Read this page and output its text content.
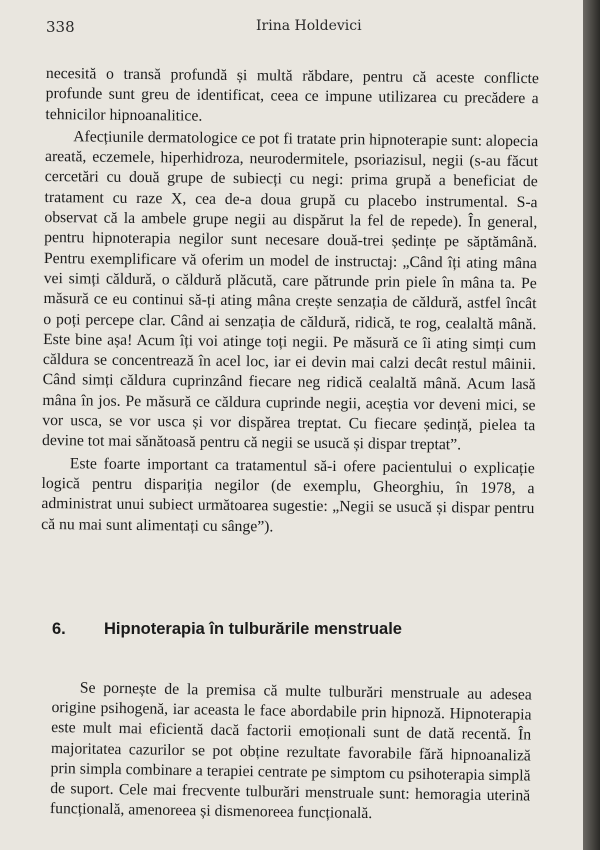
338	Irina Holdevici

necesită o transă profundă și multă răbdare, pentru că aceste conflicte profunde sunt greu de identificat, ceea ce impune utilizarea cu precădere a tehnicilor hipnoanalitice.

Afecțiunile dermatologice ce pot fi tratate prin hipnoterapie sunt: alopecia areată, eczemele, hiperhidroza, neurodermitele, psoriazisul, negii (s-au făcut cercetări cu două grupe de subiecți cu negi: prima grupă a beneficiat de tratament cu raze X, cea de-a doua grupă cu placebo instrumental. S-a observat că la ambele grupe negii au dispărut la fel de repede). În general, pentru hipnoterapia negilor sunt necesare două-trei ședințe pe săptămână. Pentru exemplificare vă oferim un model de instructaj: „Când îți ating mâna vei simți căldură, o căldură plăcută, care pătrunde prin piele în mâna ta. Pe măsură ce eu continui să-ți ating mâna crește senzația de căldură, astfel încât o poți percepe clar. Când ai senzația de căldură, ridică, te rog, cealaltă mână. Este bine așa! Acum îți voi atinge toți negii. Pe măsură ce îi ating simți cum căldura se concentrează în acel loc, iar ei devin mai calzi decât restul mâinii. Când simți căldura cuprinzând fiecare neg ridică cealaltă mână. Acum lasă mâna în jos. Pe măsură ce căldura cuprinde negii, aceștia vor deveni mici, se vor usca, se vor usca și vor dispărea treptat. Cu fiecare ședință, pielea ta devine tot mai sănătoasă pentru că negii se usucă și dispar treptat”.

Este foarte important ca tratamentul să-i ofere pacientului o explicație logică pentru dispariția negilor (de exemplu, Gheorghiu, în 1978, a administrat unui subiect următoarea sugestie: „Negii se usucă și dispar pentru că nu mai sunt alimentați cu sânge”).

6. Hipnoterapia în tulburările menstruale

Se pornește de la premisa că multe tulburări menstruale au adesea origine psihogenă, iar aceasta le face abordabile prin hipnoză. Hipnoterapia este mult mai eficientă dacă factorii emoționali sunt de dată recentă. În majoritatea cazurilor se pot obține rezultate favorabile fără hipnoanaliză prin simpla combinare a terapiei centrate pe simptom cu psihoterapia simplă de suport. Cele mai frecvente tulburări menstruale sunt: hemoragia uterină funcțională, amenoreea și dismenoreea funcțională.
